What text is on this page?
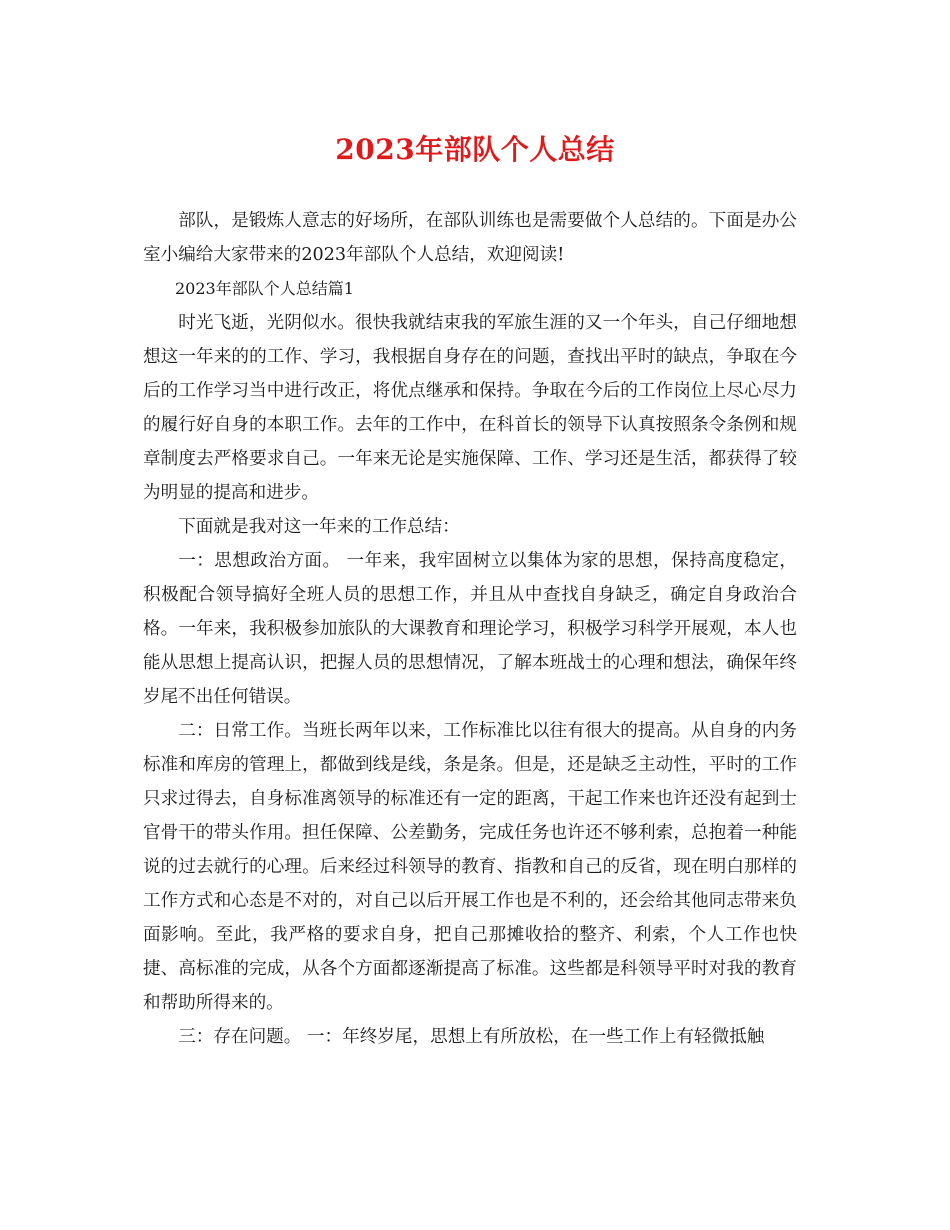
2023年部队个人总结

部队，是锻炼人意志的好场所，在部队训练也是需要做个人总结的。下面是办公室小编给大家带来的2023年部队个人总结，欢迎阅读!

2023年部队个人总结篇1

时光飞逝，光阴似水。很快我就结束我的军旅生涯的又一个年头，自己仔细地想想这一年来的的工作、学习，我根据自身存在的问题，查找出平时的缺点，争取在今后的工作学习当中进行改正，将优点继承和保持。争取在今后的工作岗位上尽心尽力的履行好自身的本职工作。去年的工作中，在科首长的领导下认真按照条令条例和规章制度去严格要求自己。一年来无论是实施保障、工作、学习还是生活，都获得了较为明显的提高和进步。

下面就是我对这一年来的工作总结：

一：思想政治方面。 一年来，我牢固树立以集体为家的思想，保持高度稳定，积极配合领导搞好全班人员的思想工作，并且从中查找自身缺乏，确定自身政治合格。一年来，我积极参加旅队的大课教育和理论学习，积极学习科学开展观，本人也能从思想上提高认识，把握人员的思想情况，了解本班战士的心理和想法，确保年终岁尾不出任何错误。

二：日常工作。当班长两年以来，工作标准比以往有很大的提高。从自身的内务标准和库房的管理上，都做到线是线，条是条。但是，还是缺乏主动性，平时的工作只求过得去，自身标准离领导的标准还有一定的距离，干起工作来也许还没有起到士官骨干的带头作用。担任保障、公差勤务，完成任务也许还不够利索，总抱着一种能说的过去就行的心理。后来经过科领导的教育、指教和自己的反省，现在明白那样的工作方式和心态是不对的，对自己以后开展工作也是不利的，还会给其他同志带来负面影响。至此，我严格的要求自身，把自己那摊收拾的整齐、利索，个人工作也快捷、高标准的完成，从各个方面都逐渐提高了标准。这些都是科领导平时对我的教育和帮助所得来的。

三：存在问题。 一：年终岁尾，思想上有所放松，在一些工作上有轻微抵触
